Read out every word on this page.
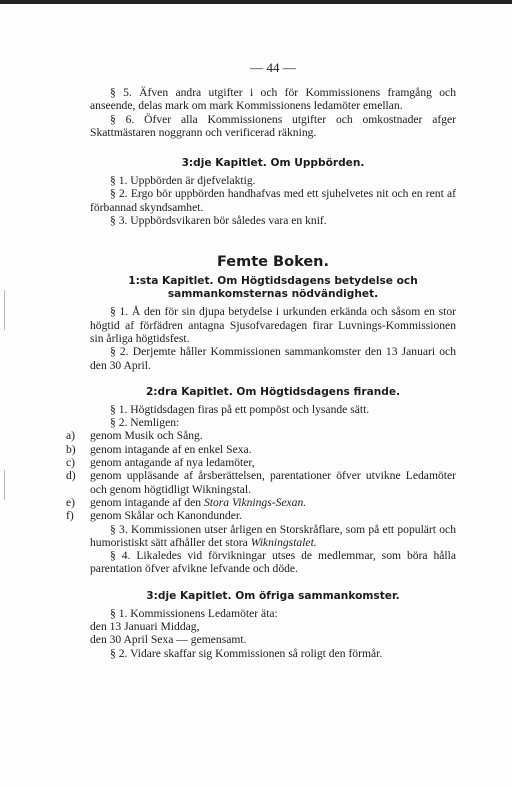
— 44 —

§ 5. Äfven andra utgifter i och för Kommissionens framgång och anseende, delas mark om mark Kommissionens ledamöter emellan.

§ 6. Öfver alla Kommissionens utgifter och omkostnader afger Skattmästaren noggrann och verificerad räkning.

3:dje Kapitlet. Om Uppbörden.

§ 1. Uppbörden är djefvelaktig.

§ 2. Ergo bör uppbörden handhafvas med ett sjuhelvetes nit och en rent af förbannad skyndsamhet.

§ 3. Uppbördsvikaren bör således vara en knif.

Femte Boken.

1:sta Kapitlet. Om Högtidsdagens betydelse och

sammankomsternas nödvändighet.

§ 1. Å den för sin djupa betydelse i urkunden erkända och såsom en stor högtid af förfädren antagna Sjusofvaredagen firar Luvnings-Kommissionen sin årliga högtidsfest.

§ 2. Derjemte håller Kommissionen sammankomster den 13 Januari och den 30 April.

2:dra Kapitlet. Om Högtidsdagens firande.

§ 1. Högtidsdagen firas på ett pompöst och lysande sätt.

§ 2. Nemligen:

a) genom Musik och Sång.

b) genom intagande af en enkel Sexa.

c) genom antagande af nya ledamöter,

d) genom uppläsande af årsberättelsen, parentationer öfver utvikne Ledamöter och genom högtidligt Wikningstal.

e) genom intagande af den Stora Viknings-Sexan.

f) genom Skålar och Kanondunder.

§ 3. Kommissionen utser årligen en Storskråflare, som på ett populärt och humoristiskt sätt afhåller det stora Wikningstalet.

§ 4. Likaledes vid förvikningar utses de medlemmar, som böra hålla parentation öfver afvikne lefvande och döde.

3:dje Kapitlet. Om öfriga sammankomster.

§ 1. Kommissionens Ledamöter äta:

den 13 Januari Middag,

den 30 April Sexa — gemensamt.

§ 2. Vidare skaffar sig Kommissionen så roligt den förmår.
